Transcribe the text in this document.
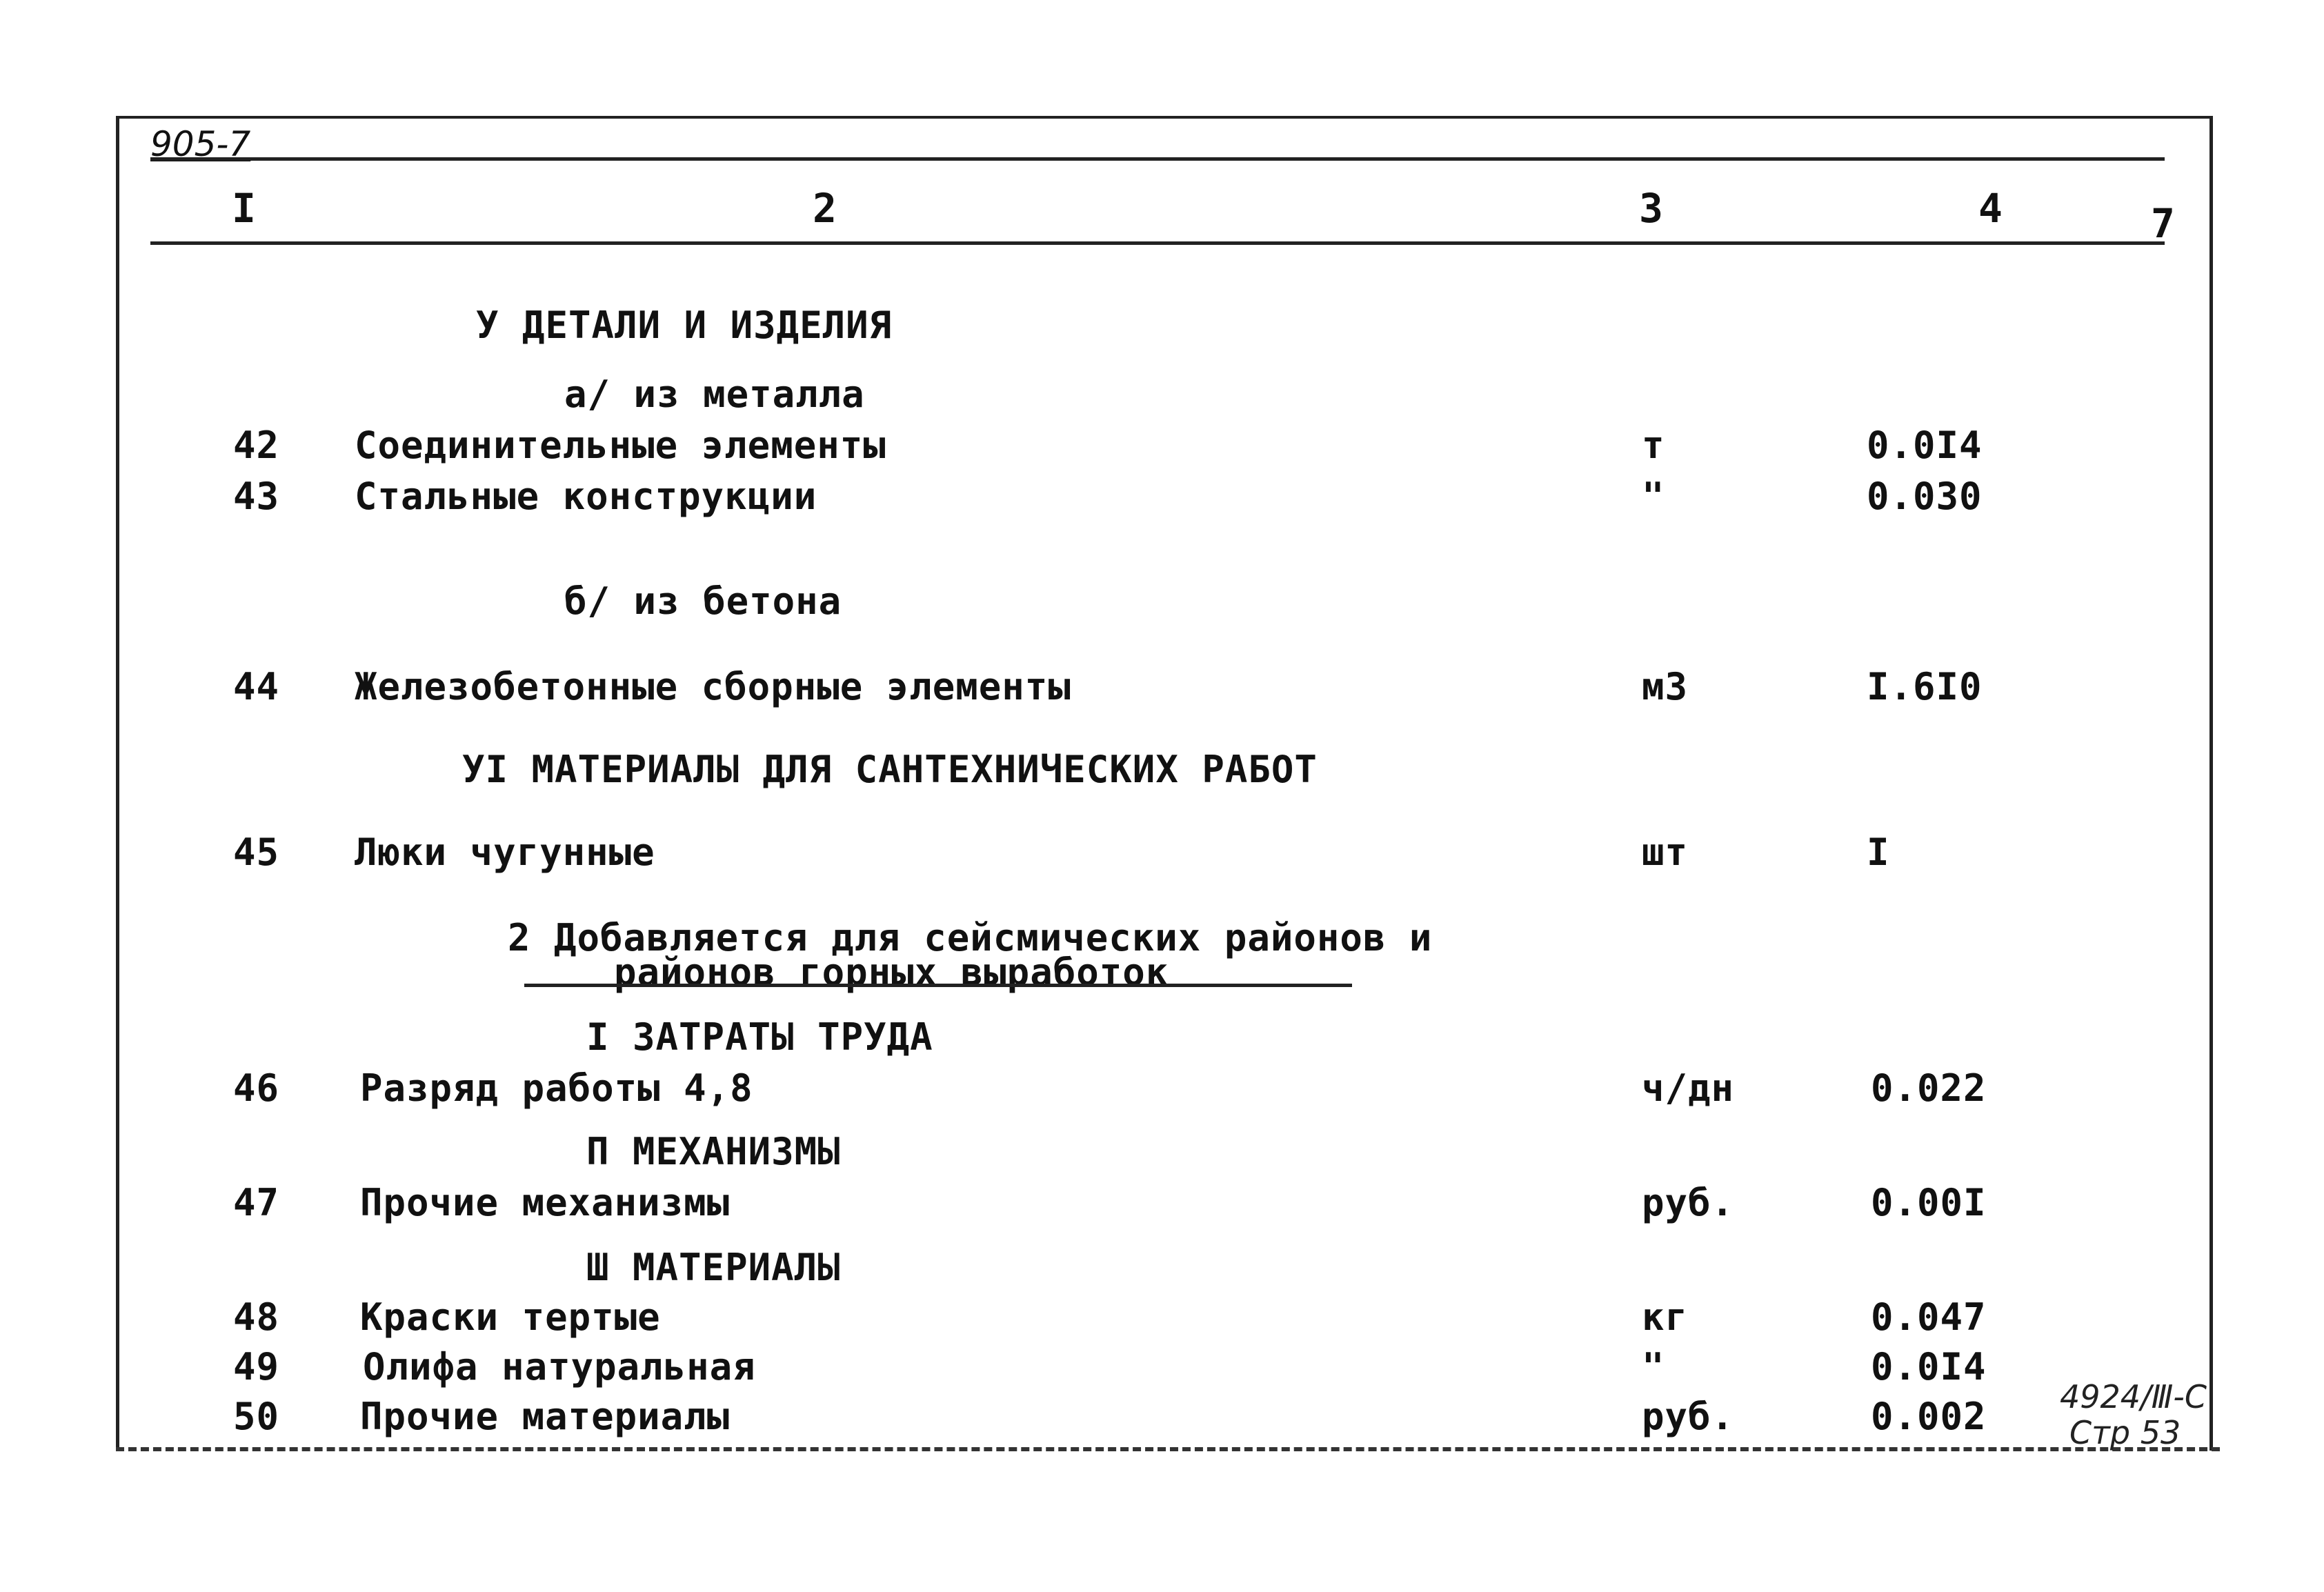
905-7
I	2	3	4	7
У ДЕТАЛИ И ИЗДЕЛИЯ
а/ из металла
42 Соединительные элементы	т	0.0I4
43 Стальные конструкции	"	0.030
б/ из бетона
44 Железобетонные сборные элементы	м3	I.6I0
УI МАТЕРИАЛЫ ДЛЯ САНТЕХНИЧЕСКИХ РАБОТ
45 Люки чугунные	шт	I
2 Добавляется для сейсмических районов и
районов горных выработок
I ЗАТРАТЫ ТРУДА
46 Разряд работы 4,8	ч/дн	0.022
П МЕХАНИЗМЫ
47 Прочие механизмы	руб.	0.00I
Ш МАТЕРИАЛЫ
48 Краски тертые	кг	0.047
49 Олифа натуральная	"	0.0I4
50 Прочие материалы	руб.	0.002 4924/Ⅲ-С
Стр 53
